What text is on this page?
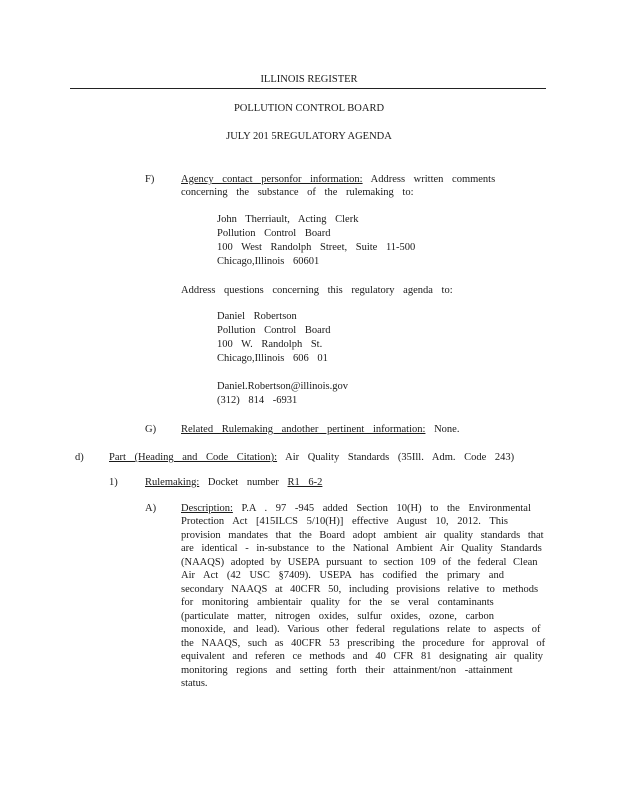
ILLINOIS REGISTER
POLLUTION CONTROL BOARD
JULY 201 5REGULATORY AGENDA
F)	Agency contact personfor information: Address written comments
concerning the substance of the rulemaking to:
John Therriault, Acting Clerk
Pollution Control Board
100 West Randolph Street, Suite 11-500
Chicago,Illinois 60601
Address questions concerning this regulatory agenda to:
Daniel Robertson
Pollution Control Board
100 W. Randolph St.
Chicago,Illinois 606 01
Daniel.Robertson@illinois.gov
(312) 814 -6931
G) Related Rulemaking andother pertinent information: None.
d) Part (Heading and Code Citation): Air Quality Standards (35Ill. Adm. Code 243)
1)	Rulemaking: Docket number R1 6-2
A) Description: P.A . 97 -945 added Section 10(H) to the Environmental
Protection Act [415ILCS 5/10(H)] effective August 10, 2012. This
provision mandates that the Board adopt ambient air quality standards that
are identical - in-substance to the National Ambient Air Quality Standards
(NAAQS) adopted by USEPA pursuant to section 109 of the federal Clean
Air Act (42 USC §7409). USEPA has codified the primary and
secondary NAAQS at 40CFR 50, including provisions relative to methods
for monitoring ambientair quality for the se veral contaminants
(particulate matter, nitrogen oxides, sulfur oxides, ozone, carbon
monoxide, and lead). Various other federal regulations relate to aspects of
the NAAQS, such as 40CFR 53 prescribing the procedure for approval of
equivalent and referen ce methods and 40 CFR 81 designating air quality
monitoring regions and setting forth their attainment/non -attainment
status.
